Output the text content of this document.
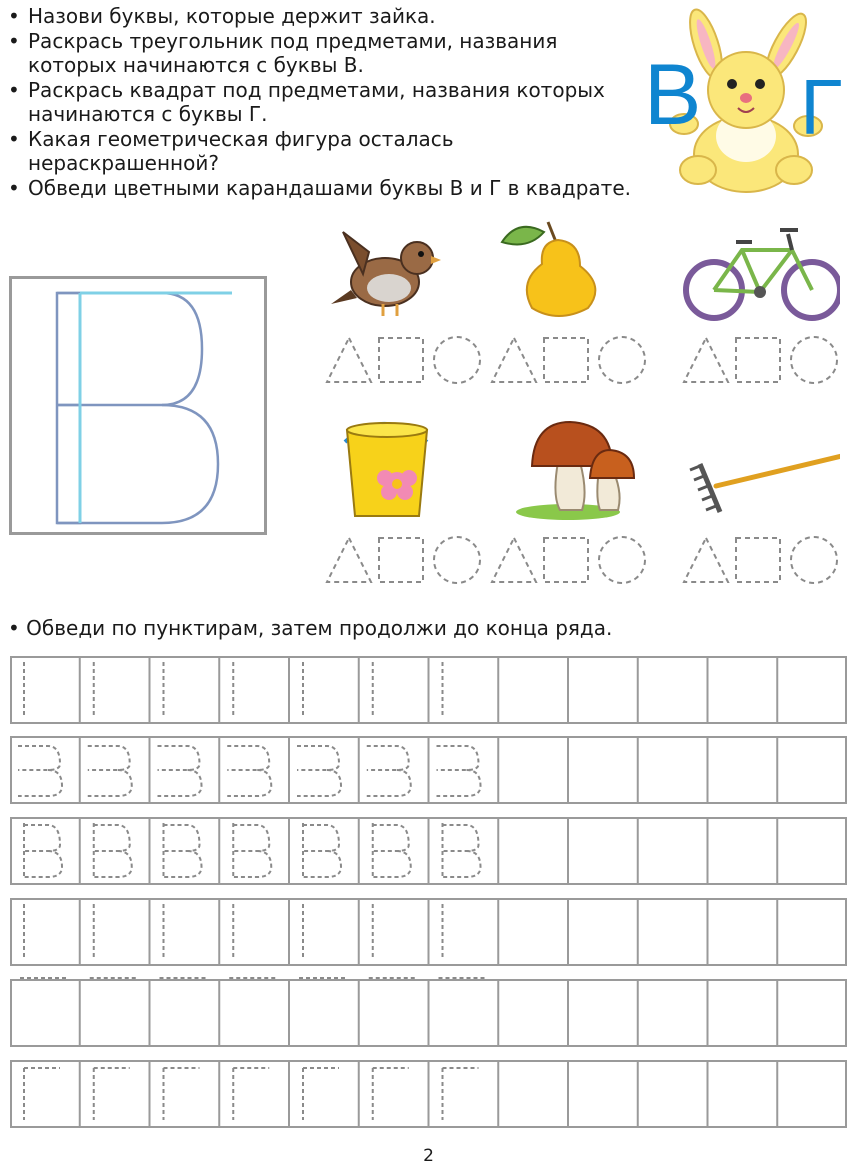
• Назови буквы, которые держит зайка.
• Раскрась треугольник под предметами, названия которых начинаются с буквы В.
• Раскрась квадрат под предметами, названия которых начинаются с буквы Г.
• Какая геометрическая фигура осталась нераскрашенной?
• Обведи цветными карандашами буквы В и Г в квадрате.
В Г
• Обведи по пунктирам, затем продолжи до конца ряда.
2
